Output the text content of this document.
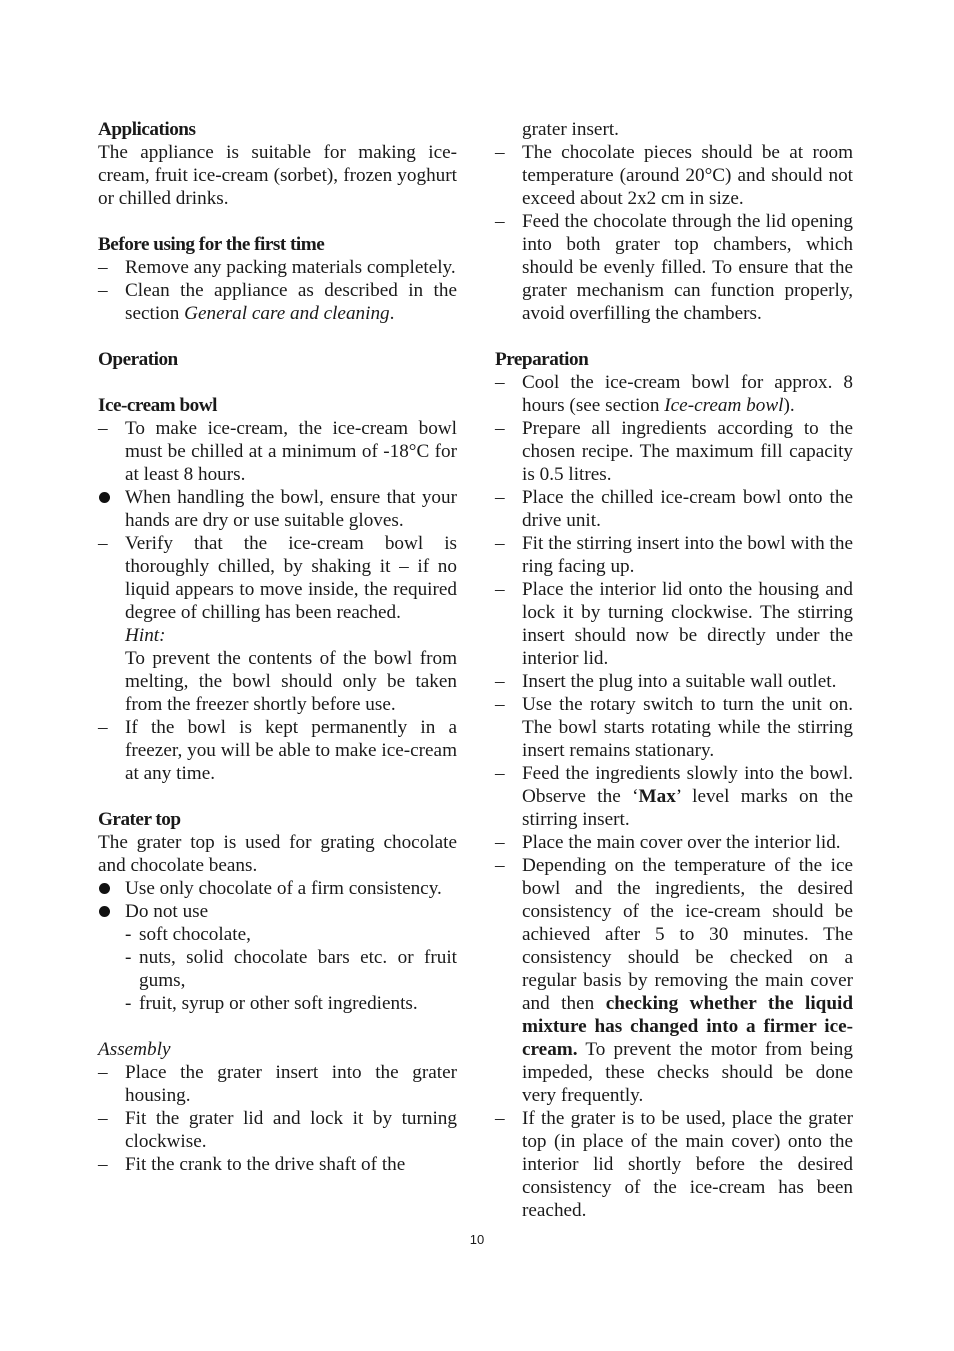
Applications
The appliance is suitable for making ice-cream, fruit ice-cream (sorbet), frozen yoghurt or chilled drinks.
Before using for the first time
– Remove any packing materials completely.
– Clean the appliance as described in the section General care and cleaning.
Operation
Ice-cream bowl
– To make ice-cream, the ice-cream bowl must be chilled at a minimum of -18°C for at least 8 hours.
When handling the bowl, ensure that your hands are dry or use suitable gloves.
– Verify that the ice-cream bowl is thoroughly chilled, by shaking it – if no liquid appears to move inside, the required degree of chilling has been reached.
Hint:
To prevent the contents of the bowl from melting, the bowl should only be taken from the freezer shortly before use.
– If the bowl is kept permanently in a freezer, you will be able to make ice-cream at any time.
Grater top
The grater top is used for grating chocolate and chocolate beans.
Use only chocolate of a firm consistency.
Do not use
- soft chocolate,
- nuts, solid chocolate bars etc. or fruit gums,
- fruit, syrup or other soft ingredients.
Assembly
– Place the grater insert into the grater housing.
– Fit the grater lid and lock it by turning clockwise.
– Fit the crank to the drive shaft of the
grater insert.
– The chocolate pieces should be at room temperature (around 20°C) and should not exceed about 2x2 cm in size.
– Feed the chocolate through the lid opening into both grater top chambers, which should be evenly filled. To ensure that the grater mechanism can function properly, avoid overfilling the chambers.
Preparation
– Cool the ice-cream bowl for approx. 8 hours (see section Ice-cream bowl).
– Prepare all ingredients according to the chosen recipe. The maximum fill capacity is 0.5 litres.
– Place the chilled ice-cream bowl onto the drive unit.
– Fit the stirring insert into the bowl with the ring facing up.
– Place the interior lid onto the housing and lock it by turning clockwise. The stirring insert should now be directly under the interior lid.
– Insert the plug into a suitable wall outlet.
– Use the rotary switch to turn the unit on. The bowl starts rotating while the stirring insert remains stationary.
– Feed the ingredients slowly into the bowl. Observe the ‘Max’ level marks on the stirring insert.
– Place the main cover over the interior lid.
– Depending on the temperature of the ice bowl and the ingredients, the desired consistency of the ice-cream should be achieved after 5 to 30 minutes. The consistency should be checked on a regular basis by removing the main cover and then checking whether the liquid mixture has changed into a firmer ice-cream. To prevent the motor from being impeded, these checks should be done very frequently.
– If the grater is to be used, place the grater top (in place of the main cover) onto the interior lid shortly before the desired consistency of the ice-cream has been reached.
10
